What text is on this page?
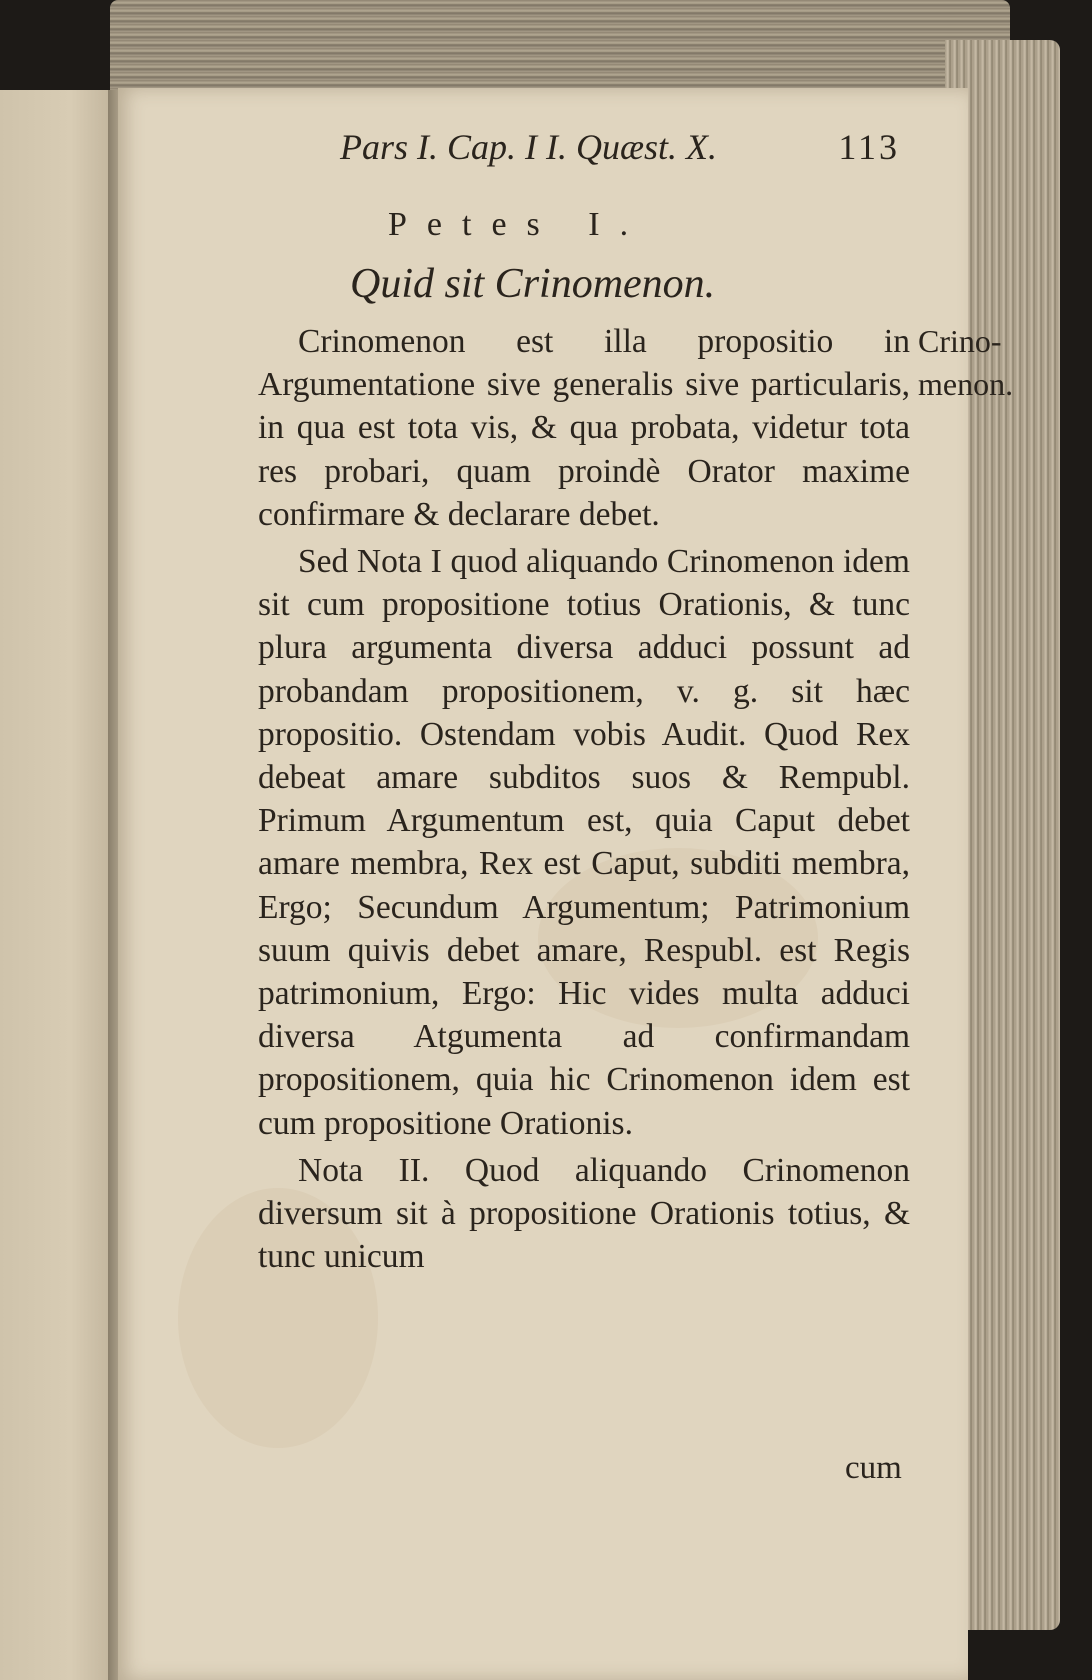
Pars I. Cap. I I. Quæst. X.	113
Petes I.
Quid sit Crinomenon.

Crinomenon est illa propositio in Argumentatione sive generalis sive particularis, in qua est tota vis, & qua probata, videtur tota res probari, quam proindè Orator maxime confirmare & declarare debet.

Sed Nota I quod aliquando Crinomenon idem sit cum propositione totius Orationis, & tunc plura argumenta diversa adduci possunt ad probandam propositionem, v. g. sit hæc propositio. Ostendam vobis Audit. Quod Rex debeat amare subditos suos & Rempubl. Primum Argumentum est, quia Caput debet amare membra, Rex est Caput, subditi membra, Ergo; Secundum Argumentum; Patrimonium suum quivis debet amare, Respubl. est Regis patrimonium, Ergo: Hic vides multa adduci diversa Atgumenta ad confirmandam propositionem, quia hic Crinomenon idem est cum propositione Orationis.

Nota II. Quod aliquando Crinomenon diversum sit à propositione Orationis totius, & tunc unicum

Crino- menon.
cum
